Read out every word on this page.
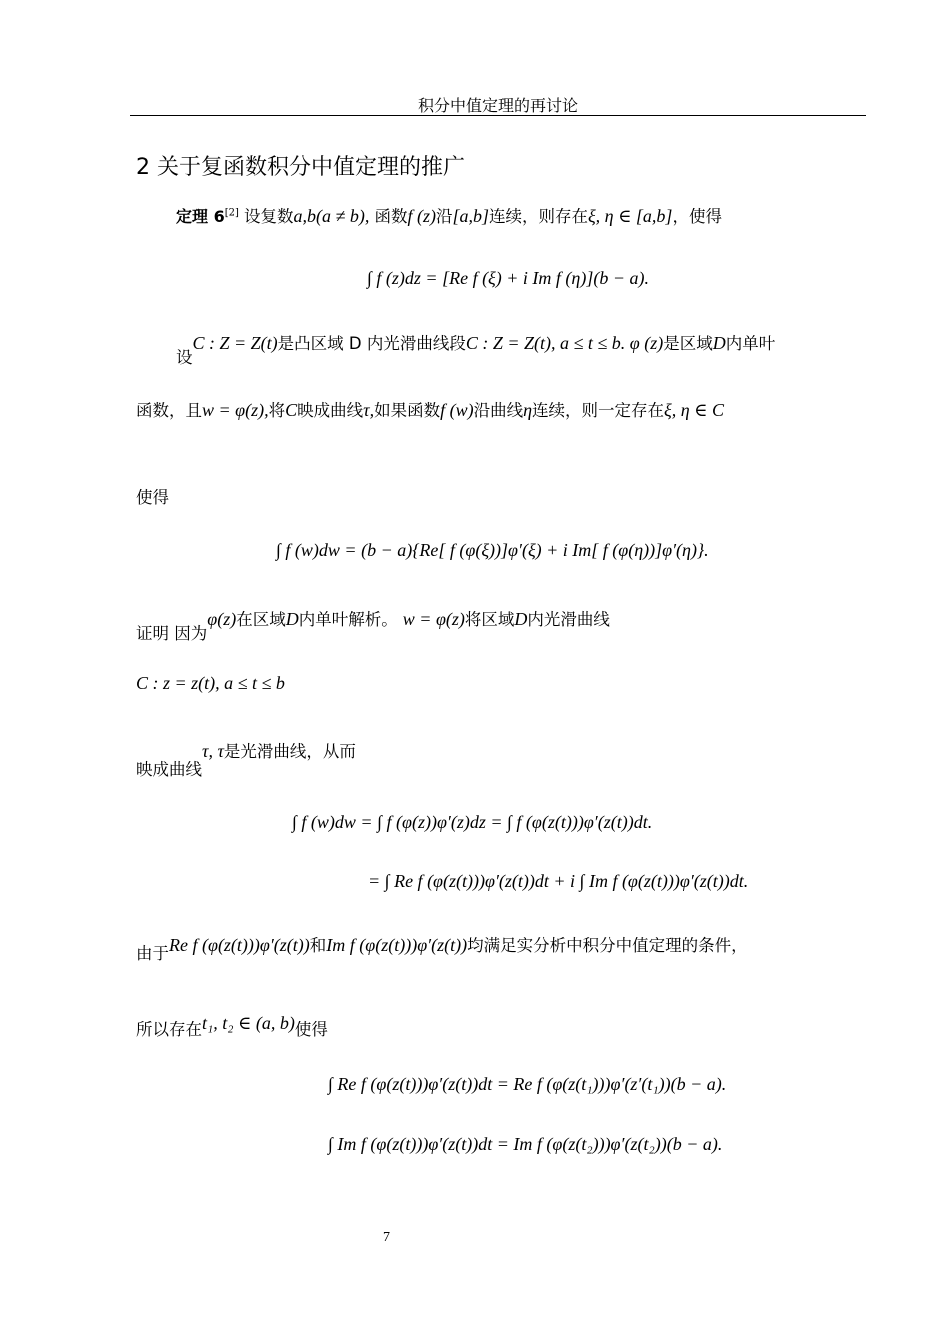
积分中值定理的再讨论
2 关于复函数积分中值定理的推广
定理 6[2] 设复数a,b(a ≠ b), 函数f (z)沿[a,b]连续，则存在ξ, η ∈ [a,b]，使得
∫ f (z)dz = [Re f (ξ) + i Im f (η)](b − a).
设C : Z = Z(t)是凸区域 D 内光滑曲线段C : Z = Z(t), a ≤ t ≤ b. φ (z)是区域D内单叶
函数，且w = φ(z),将C映成曲线τ,如果函数f (w)沿曲线η连续，则一定存在ξ, η ∈ C
使得
∫ f (w)dw = (b − a){Re[ f (φ(ξ))]φ′(ξ) + i Im[ f (φ(η))]φ′(η)}.
证明 因为φ(z)在区域D内单叶解析。 w = φ(z)将区域D内光滑曲线
C : z = z(t), a ≤ t ≤ b
映成曲线τ, τ是光滑曲线，从而
∫ f (w)dw = ∫ f (φ(z))φ′(z)dz = ∫ f (φ(z(t)))φ′(z(t))dt.
= ∫ Re f (φ(z(t)))φ′(z(t))dt + i ∫ Im f (φ(z(t)))φ′(z(t))dt.
由于Re f (φ(z(t)))φ′(z(t))和Im f (φ(z(t)))φ′(z(t))均满足实分析中积分中值定理的条件，
所以存在t₁, t₂ ∈ (a, b)使得
∫ Re f (φ(z(t)))φ′(z(t))dt = Re f (φ(z(t₁)))φ′(z′(t₁))(b − a).
∫ Im f (φ(z(t)))φ′(z(t))dt = Im f (φ(z(t₂)))φ′(z(t₂))(b − a).
7
